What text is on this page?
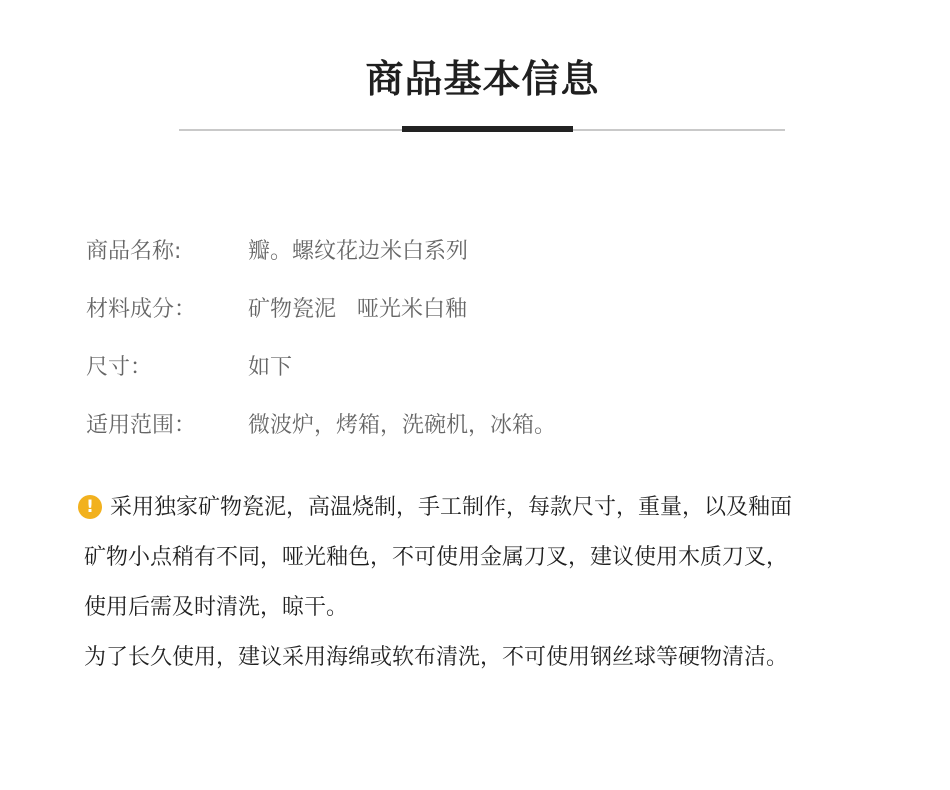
商品基本信息
商品名称:	瓣。螺纹花边米白系列
材料成分： 矿物瓷泥   哑光米白釉
尺寸：	如下
适用范围： 微波炉，烤箱，洗碗机，冰箱。
! 采用独家矿物瓷泥，高温烧制，手工制作，每款尺寸，重量，以及釉面
矿物小点稍有不同，哑光釉色，不可使用金属刀叉，建议使用木质刀叉，
使用后需及时清洗，晾干。
为了长久使用，建议采用海绵或软布清洗，不可使用钢丝球等硬物清洁。
